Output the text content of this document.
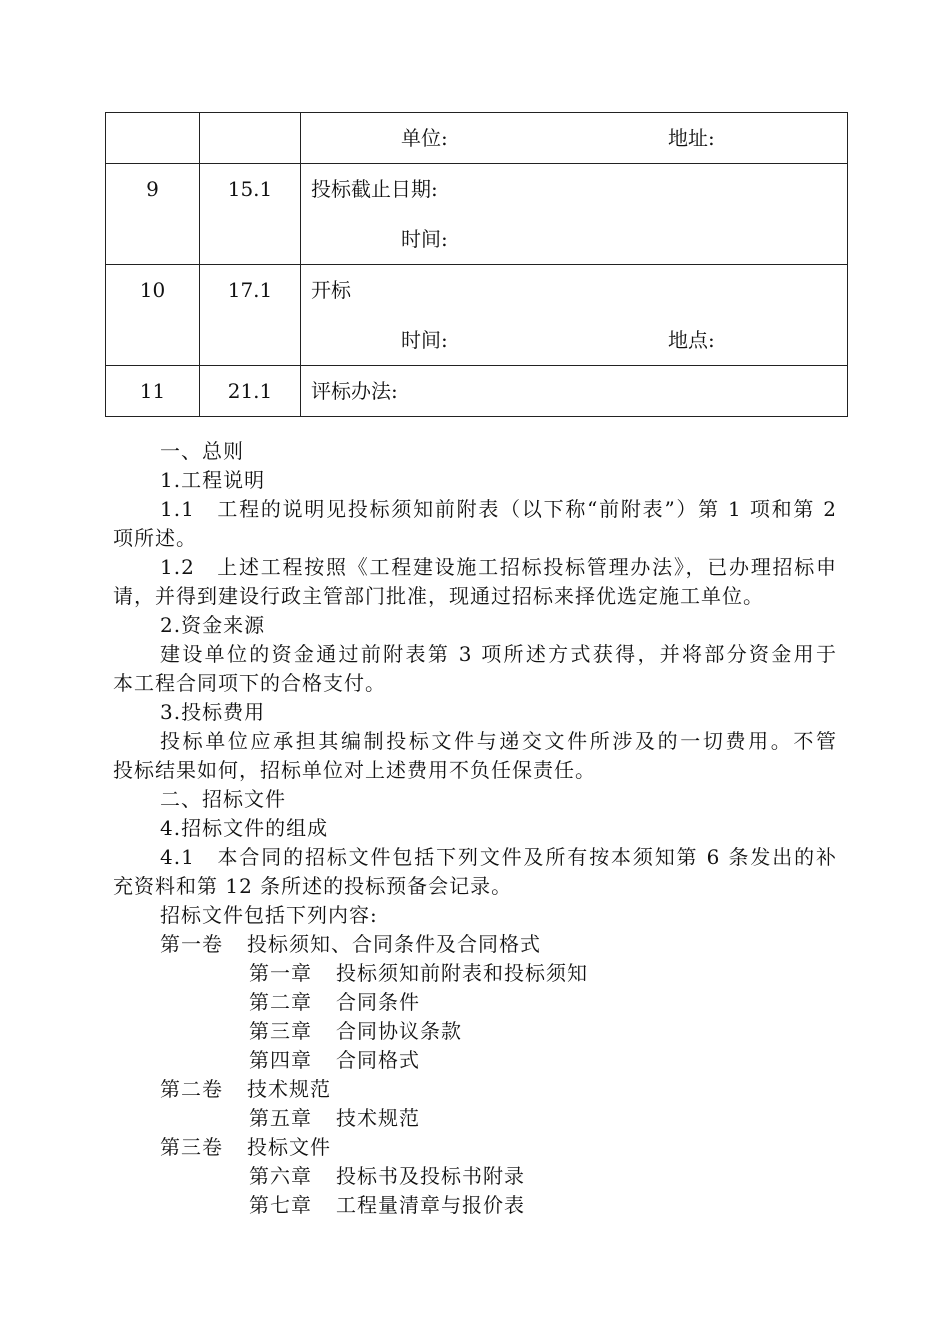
		单位: 地址:

9	15.1	投标截止日期:
时间:

10	17.1	开标
时间: 地点:

11	21.1	评标办法:
一、总则
1.工程说明
1.1　工程的说明见投标须知前附表（以下称“前附表”）第 1 项和第 2
项所述。
1.2　上述工程按照《工程建设施工招标投标管理办法》，已办理招标申
请，并得到建设行政主管部门批准，现通过招标来择优选定施工单位。
2.资金来源
建设单位的资金通过前附表第 3 项所述方式获得，并将部分资金用于
本工程合同项下的合格支付。
3.投标费用
投标单位应承担其编制投标文件与递交文件所涉及的一切费用。不管
投标结果如何，招标单位对上述费用不负任保责任。
二、招标文件
4.招标文件的组成
4.1　本合同的招标文件包括下列文件及所有按本须知第 6 条发出的补
充资料和第 12 条所述的投标预备会记录。
招标文件包括下列内容:
第一卷 投标须知、合同条件及合同格式
第一章 投标须知前附表和投标须知
第二章 合同条件
第三章 合同协议条款
第四章 合同格式
第二卷 技术规范
第五章 技术规范
第三卷 投标文件
第六章 投标书及投标书附录
第七章 工程量清章与报价表
